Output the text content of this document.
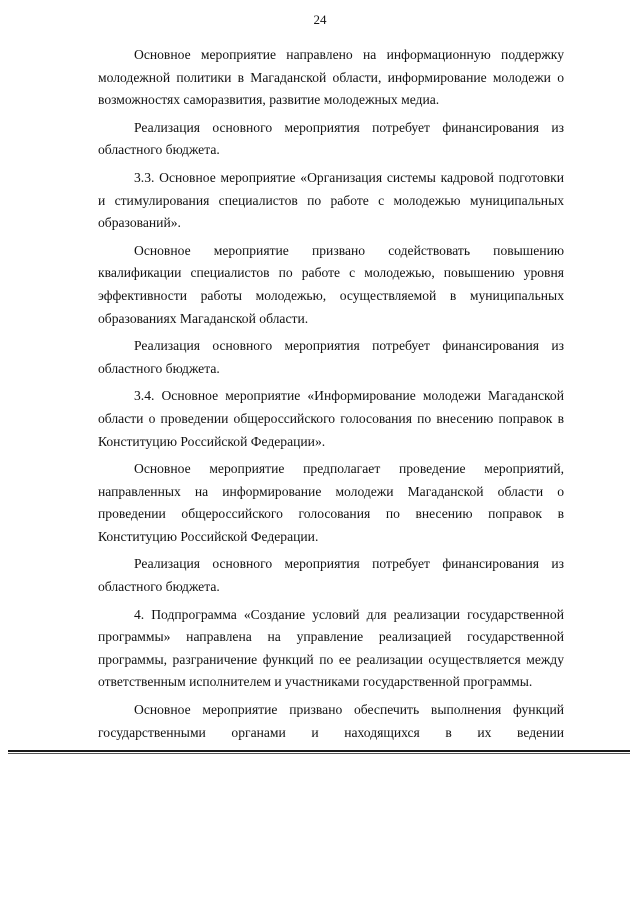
24

Основное мероприятие направлено на информационную поддержку молодежной политики в Магаданской области, информирование молодежи о возможностях саморазвития, развитие молодежных медиа.

Реализация основного мероприятия потребует финансирования из областного бюджета.

3.3. Основное мероприятие «Организация системы кадровой подготовки и стимулирования специалистов по работе с молодежью муниципальных образований».

Основное мероприятие призвано содействовать повышению квалификации специалистов по работе с молодежью, повышению уровня эффективности работы молодежью, осуществляемой в муниципальных образованиях Магаданской области.

Реализация основного мероприятия потребует финансирования из областного бюджета.

3.4. Основное мероприятие «Информирование молодежи Магаданской области о проведении общероссийского голосования по внесению поправок в Конституцию Российской Федерации».

Основное мероприятие предполагает проведение мероприятий, направленных на информирование молодежи Магаданской области о проведении общероссийского голосования по внесению поправок в Конституцию Российской Федерации.

Реализация основного мероприятия потребует финансирования из областного бюджета.

4. Подпрограмма «Создание условий для реализации государственной программы» направлена на управление реализацией государственной программы, разграничение функций по ее реализации осуществляется между ответственным исполнителем и участниками государственной программы.

Основное мероприятие призвано обеспечить выполнения функций государственными органами и находящихся в их ведении
